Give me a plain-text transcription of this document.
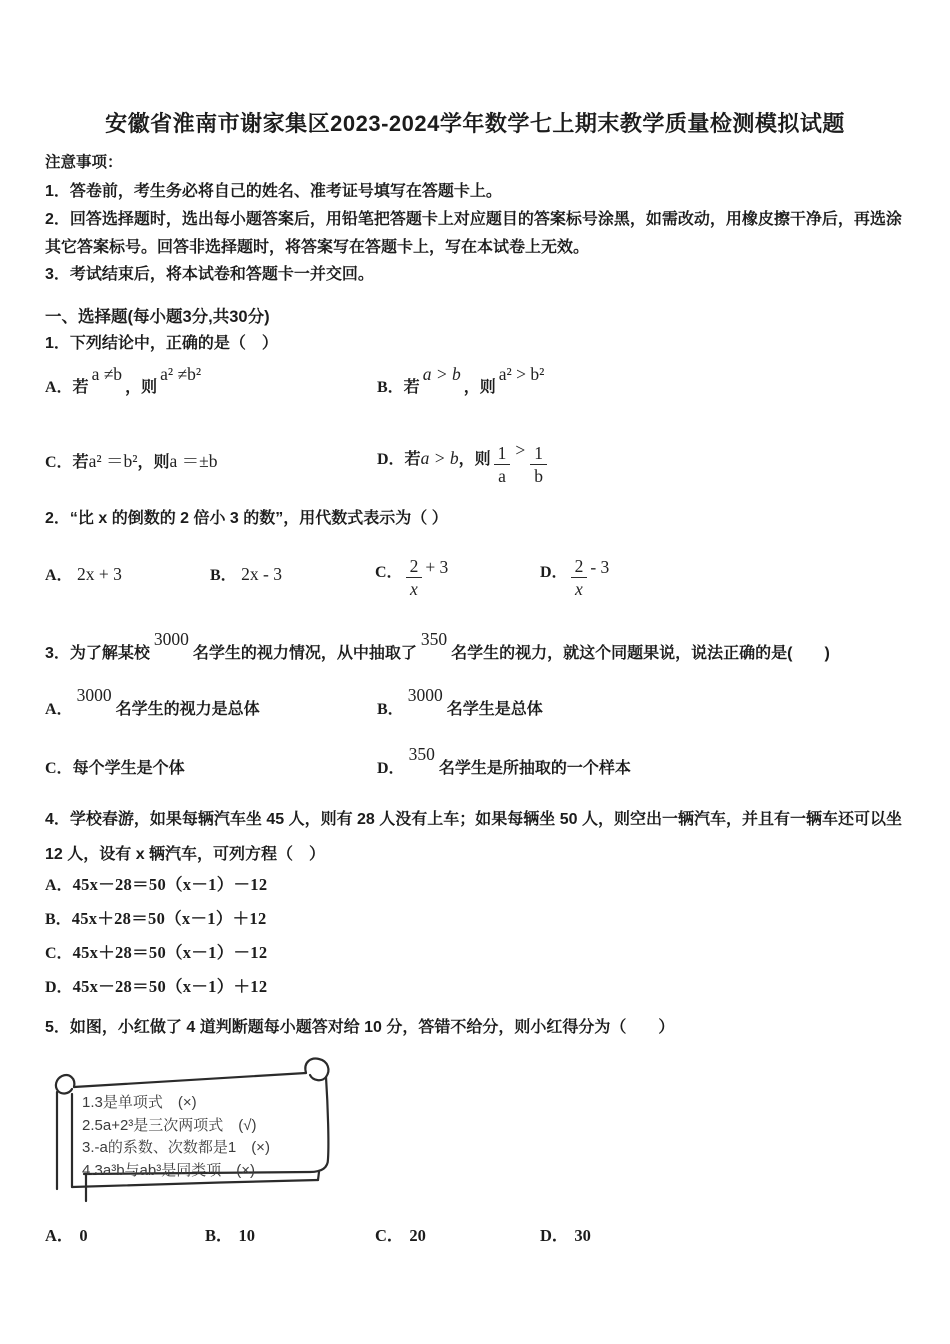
安徽省淮南市谢家集区2023-2024学年数学七上期末教学质量检测模拟试题
注意事项：
1．答卷前，考生务必将自己的姓名、准考证号填写在答题卡上。
2．回答选择题时，选出每小题答案后，用铅笔把答题卡上对应题目的答案标号涂黑，如需改动，用橡皮擦干净后，再选涂其它答案标号。回答非选择题时，将答案写在答题卡上，写在本试卷上无效。
3．考试结束后，将本试卷和答题卡一并交回。
一、选择题(每小题3分,共30分)
1．下列结论中，正确的是（　）
A．若a ≠b，则a² ≠b²
B．若a > b，则a² > b²
C．若a² ＝b²，则a ＝±b	D．若 a > b ，则 $\frac{1}{a} > \frac{1}{b}$
2．“比 x 的倒数的 2 倍小 3 的数”，用代数式表示为（ ）
A． 2x + 3	B． 2x - 3	C． $\frac{2}{x} + 3$	D． $\frac{2}{x} - 3$
3．为了解某校3000名学生的视力情况，从中抽取了350名学生的视力，就这个同题果说，说法正确的是(　　)
A．3000名学生的视力是总体	B．3000名学生是总体
C．每个学生是个体	D．350名学生是所抽取的一个样本
4．学校春游，如果每辆汽车坐 45 人，则有 28 人没有上车；如果每辆坐 50 人，则空出一辆汽车，并且有一辆车还可以坐 12 人，设有 x 辆汽车，可列方程（　）
A．45x－28＝50（x－1）－12
B．45x＋28＝50（x－1）＋12
C．45x＋28＝50（x－1）－12
D．45x－28＝50（x－1）＋12
5．如图，小红做了 4 道判断题每小题答对给 10 分，答错不给分，则小红得分为（　　）
1.3是单项式　(×)
2.5a+2³是三次两项式　(√)
3.-a的系数、次数都是1　(×)
4.3a³b与ab³是同类项　(×)
A． 0	B． 10	C． 20	D． 30
